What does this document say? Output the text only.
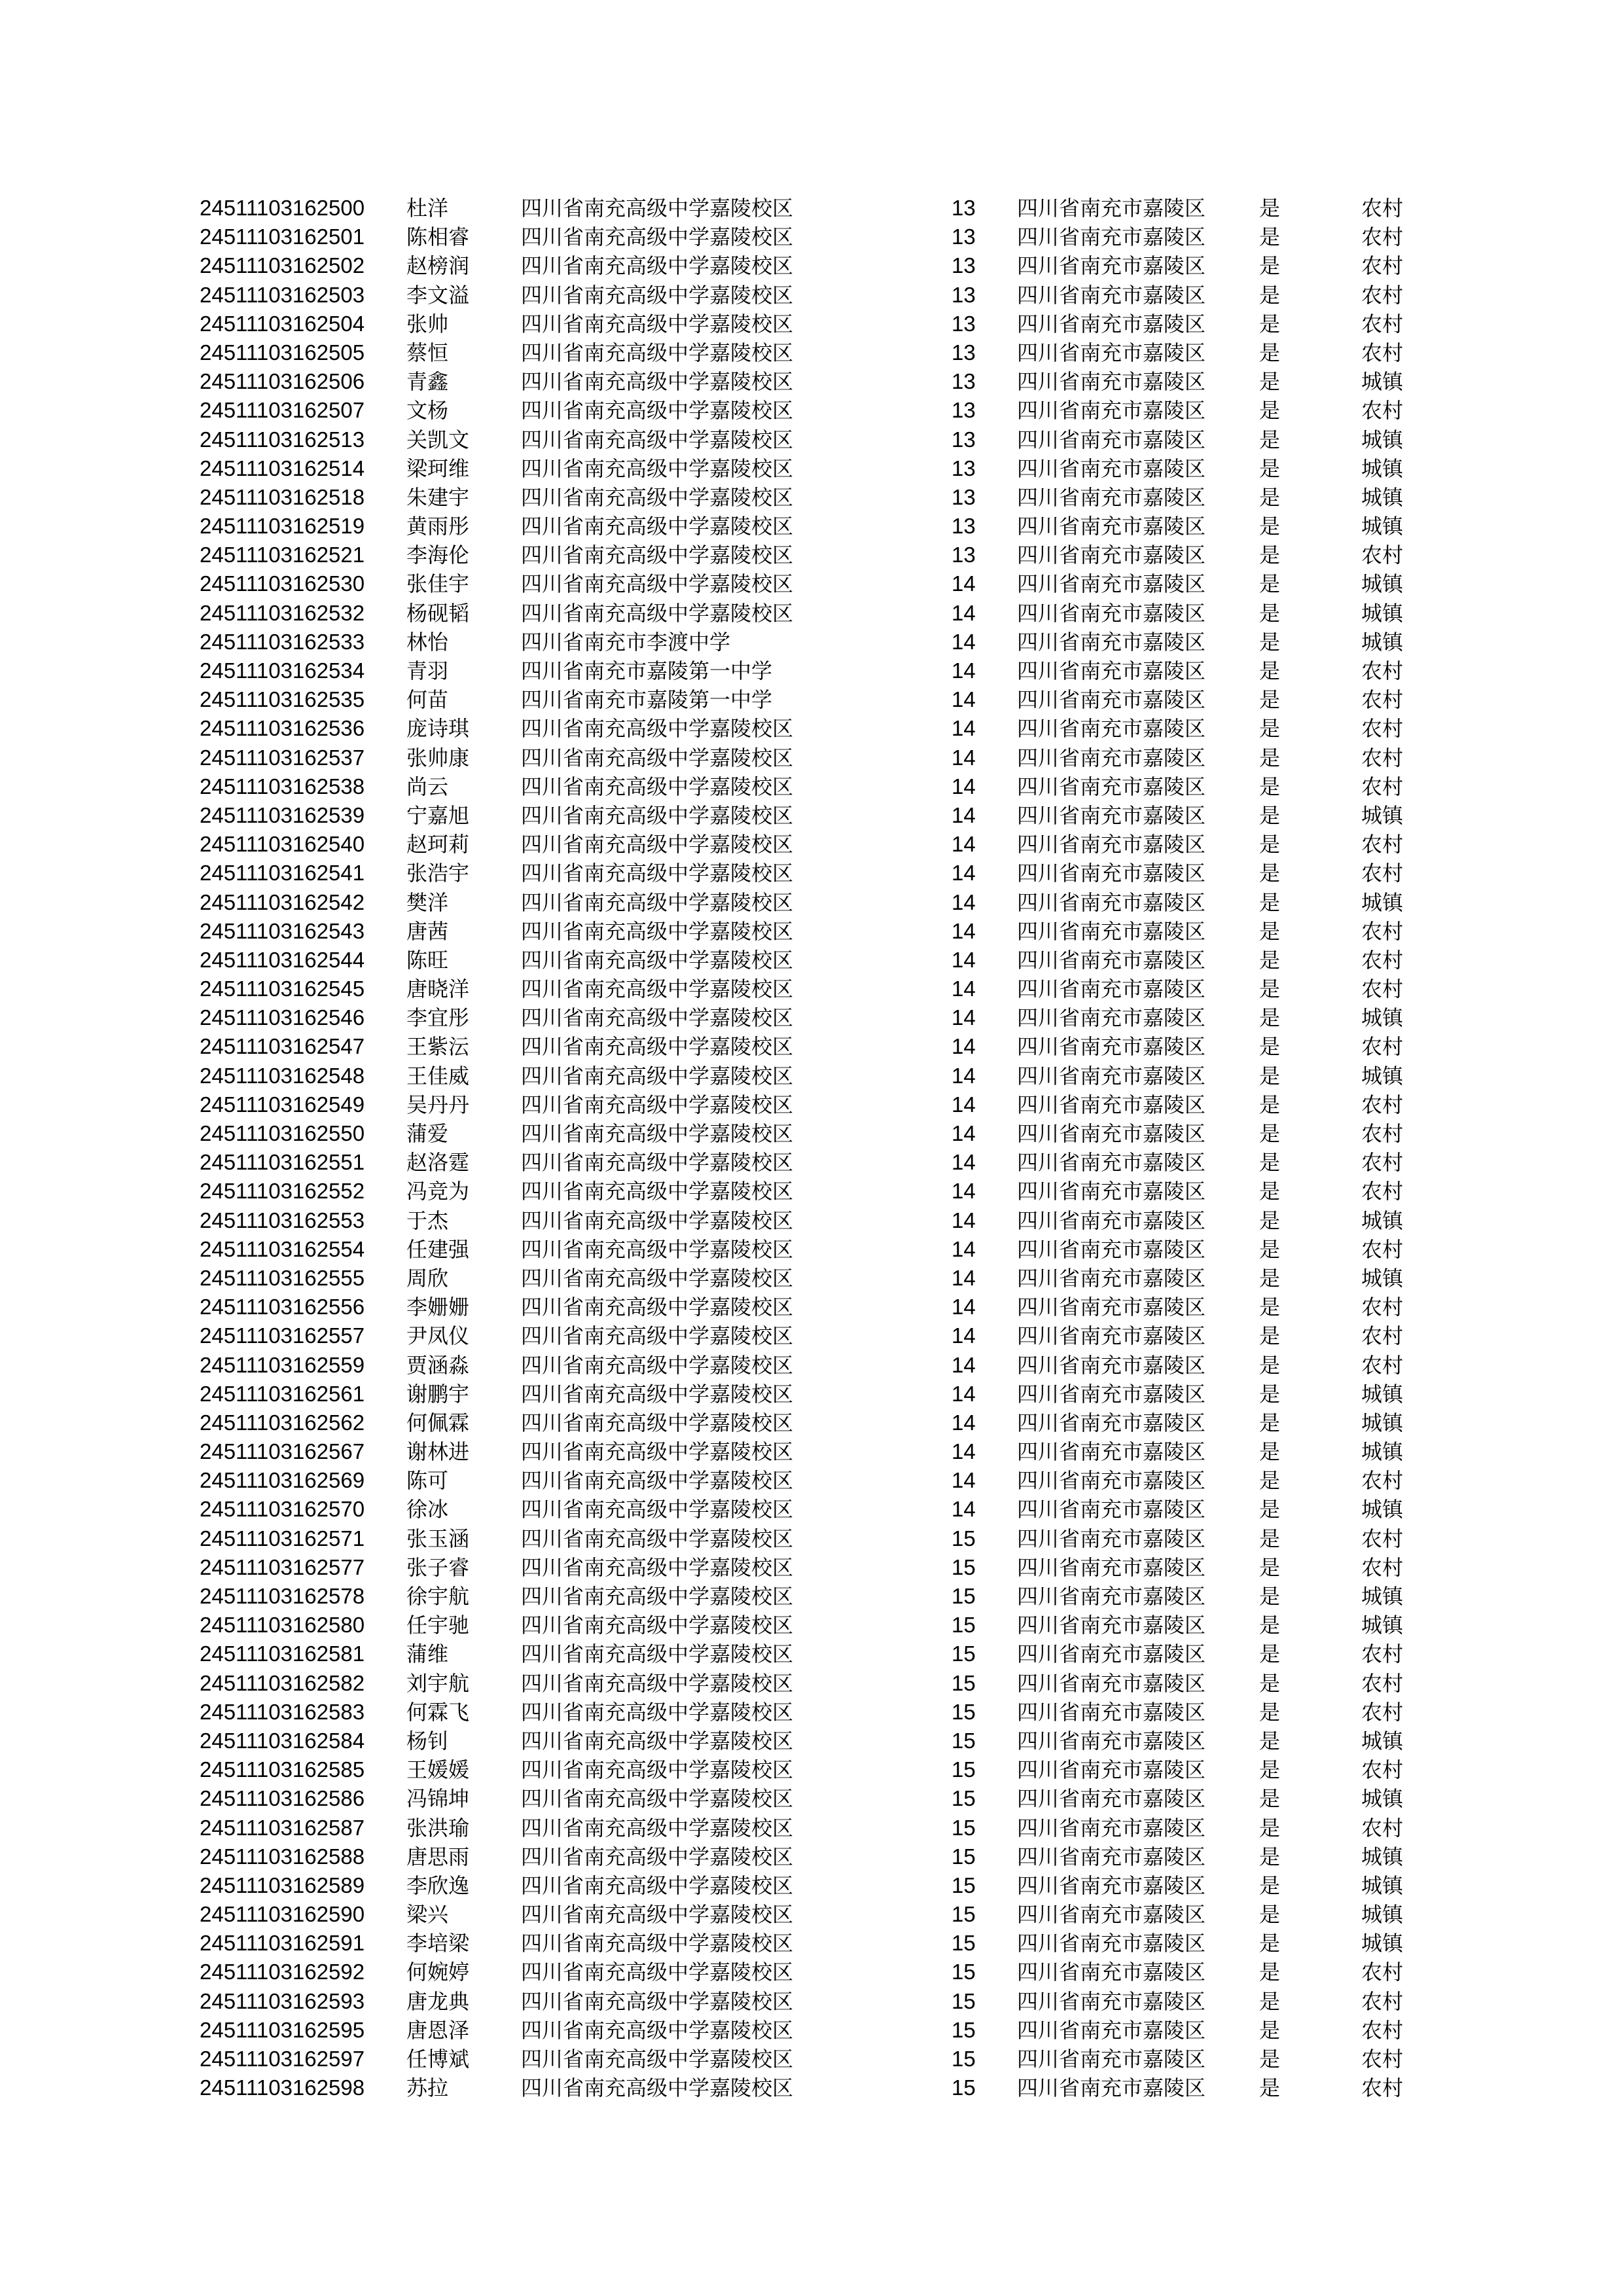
24511103162500 杜洋	四川省南充高级中学嘉陵校区	13 四川省南充市嘉陵区	是	农村
24511103162501 陈相睿 四川省南充高级中学嘉陵校区	13 四川省南充市嘉陵区	是	农村
24511103162502 赵榜润 四川省南充高级中学嘉陵校区	13 四川省南充市嘉陵区	是	农村
24511103162503 李文溢 四川省南充高级中学嘉陵校区	13 四川省南充市嘉陵区	是	农村
24511103162504 张帅	四川省南充高级中学嘉陵校区	13 四川省南充市嘉陵区	是	农村
24511103162505 蔡恒	四川省南充高级中学嘉陵校区	13 四川省南充市嘉陵区	是	农村
24511103162506 青鑫	四川省南充高级中学嘉陵校区	13 四川省南充市嘉陵区	是	城镇
24511103162507 文杨	四川省南充高级中学嘉陵校区	13 四川省南充市嘉陵区	是	农村
24511103162513 关凯文 四川省南充高级中学嘉陵校区	13 四川省南充市嘉陵区	是	城镇
24511103162514 梁珂维 四川省南充高级中学嘉陵校区	13 四川省南充市嘉陵区	是	城镇
24511103162518 朱建宇 四川省南充高级中学嘉陵校区	13 四川省南充市嘉陵区	是	城镇
24511103162519 黄雨彤 四川省南充高级中学嘉陵校区	13 四川省南充市嘉陵区	是	城镇
24511103162521 李海伦 四川省南充高级中学嘉陵校区	13 四川省南充市嘉陵区	是	农村
24511103162530 张佳宇 四川省南充高级中学嘉陵校区	14 四川省南充市嘉陵区	是	城镇
24511103162532 杨砚韬 四川省南充高级中学嘉陵校区	14 四川省南充市嘉陵区	是	城镇
24511103162533 林怡	四川省南充市李渡中学	14 四川省南充市嘉陵区	是	城镇
24511103162534 青羽	四川省南充市嘉陵第一中学	14 四川省南充市嘉陵区	是	农村
24511103162535 何苗	四川省南充市嘉陵第一中学	14 四川省南充市嘉陵区	是	农村
24511103162536 庞诗琪 四川省南充高级中学嘉陵校区	14 四川省南充市嘉陵区	是	农村
24511103162537 张帅康 四川省南充高级中学嘉陵校区	14 四川省南充市嘉陵区	是	农村
24511103162538 尚云	四川省南充高级中学嘉陵校区	14 四川省南充市嘉陵区	是	农村
24511103162539 宁嘉旭 四川省南充高级中学嘉陵校区	14 四川省南充市嘉陵区	是	城镇
24511103162540 赵珂莉 四川省南充高级中学嘉陵校区	14 四川省南充市嘉陵区	是	农村
24511103162541 张浩宇 四川省南充高级中学嘉陵校区	14 四川省南充市嘉陵区	是	农村
24511103162542 樊洋	四川省南充高级中学嘉陵校区	14 四川省南充市嘉陵区	是	城镇
24511103162543 唐茜	四川省南充高级中学嘉陵校区	14 四川省南充市嘉陵区	是	农村
24511103162544 陈旺	四川省南充高级中学嘉陵校区	14 四川省南充市嘉陵区	是	农村
24511103162545 唐晓洋 四川省南充高级中学嘉陵校区	14 四川省南充市嘉陵区	是	农村
24511103162546 李宜彤 四川省南充高级中学嘉陵校区	14 四川省南充市嘉陵区	是	城镇
24511103162547 王紫沄 四川省南充高级中学嘉陵校区	14 四川省南充市嘉陵区	是	农村
24511103162548 王佳威 四川省南充高级中学嘉陵校区	14 四川省南充市嘉陵区	是	城镇
24511103162549 吴丹丹 四川省南充高级中学嘉陵校区	14 四川省南充市嘉陵区	是	农村
24511103162550 蒲爱	四川省南充高级中学嘉陵校区	14 四川省南充市嘉陵区	是	农村
24511103162551 赵洛霆 四川省南充高级中学嘉陵校区	14 四川省南充市嘉陵区	是	农村
24511103162552 冯竞为 四川省南充高级中学嘉陵校区	14 四川省南充市嘉陵区	是	农村
24511103162553 于杰	四川省南充高级中学嘉陵校区	14 四川省南充市嘉陵区	是	城镇
24511103162554 任建强 四川省南充高级中学嘉陵校区	14 四川省南充市嘉陵区	是	农村
24511103162555 周欣	四川省南充高级中学嘉陵校区	14 四川省南充市嘉陵区	是	城镇
24511103162556 李姗姗 四川省南充高级中学嘉陵校区	14 四川省南充市嘉陵区	是	农村
24511103162557 尹凤仪 四川省南充高级中学嘉陵校区	14 四川省南充市嘉陵区	是	农村
24511103162559 贾涵淼 四川省南充高级中学嘉陵校区	14 四川省南充市嘉陵区	是	农村
24511103162561 谢鹏宇 四川省南充高级中学嘉陵校区	14 四川省南充市嘉陵区	是	城镇
24511103162562 何佩霖 四川省南充高级中学嘉陵校区	14 四川省南充市嘉陵区	是	城镇
24511103162567 谢林进 四川省南充高级中学嘉陵校区	14 四川省南充市嘉陵区	是	城镇
24511103162569 陈可	四川省南充高级中学嘉陵校区	14 四川省南充市嘉陵区	是	农村
24511103162570 徐冰	四川省南充高级中学嘉陵校区	14 四川省南充市嘉陵区	是	城镇
24511103162571 张玉涵 四川省南充高级中学嘉陵校区	15 四川省南充市嘉陵区	是	农村
24511103162577 张子睿 四川省南充高级中学嘉陵校区	15 四川省南充市嘉陵区	是	农村
24511103162578 徐宇航 四川省南充高级中学嘉陵校区	15 四川省南充市嘉陵区	是	城镇
24511103162580 任宇驰 四川省南充高级中学嘉陵校区	15 四川省南充市嘉陵区	是	城镇
24511103162581 蒲维	四川省南充高级中学嘉陵校区	15 四川省南充市嘉陵区	是	农村
24511103162582 刘宇航 四川省南充高级中学嘉陵校区	15 四川省南充市嘉陵区	是	农村
24511103162583 何霖飞 四川省南充高级中学嘉陵校区	15 四川省南充市嘉陵区	是	农村
24511103162584 杨钊	四川省南充高级中学嘉陵校区	15 四川省南充市嘉陵区	是	城镇
24511103162585 王媛媛 四川省南充高级中学嘉陵校区	15 四川省南充市嘉陵区	是	农村
24511103162586 冯锦坤 四川省南充高级中学嘉陵校区	15 四川省南充市嘉陵区	是	城镇
24511103162587 张洪瑜 四川省南充高级中学嘉陵校区	15 四川省南充市嘉陵区	是	农村
24511103162588 唐思雨 四川省南充高级中学嘉陵校区	15 四川省南充市嘉陵区	是	城镇
24511103162589 李欣逸 四川省南充高级中学嘉陵校区	15 四川省南充市嘉陵区	是	城镇
24511103162590 梁兴	四川省南充高级中学嘉陵校区	15 四川省南充市嘉陵区	是	城镇
24511103162591 李培梁 四川省南充高级中学嘉陵校区	15 四川省南充市嘉陵区	是	城镇
24511103162592 何婉婷 四川省南充高级中学嘉陵校区	15 四川省南充市嘉陵区	是	农村
24511103162593 唐龙典 四川省南充高级中学嘉陵校区	15 四川省南充市嘉陵区	是	农村
24511103162595 唐恩泽 四川省南充高级中学嘉陵校区	15 四川省南充市嘉陵区	是	农村
24511103162597 任博斌 四川省南充高级中学嘉陵校区	15 四川省南充市嘉陵区	是	农村
24511103162598 苏拉	四川省南充高级中学嘉陵校区	15 四川省南充市嘉陵区	是	农村
